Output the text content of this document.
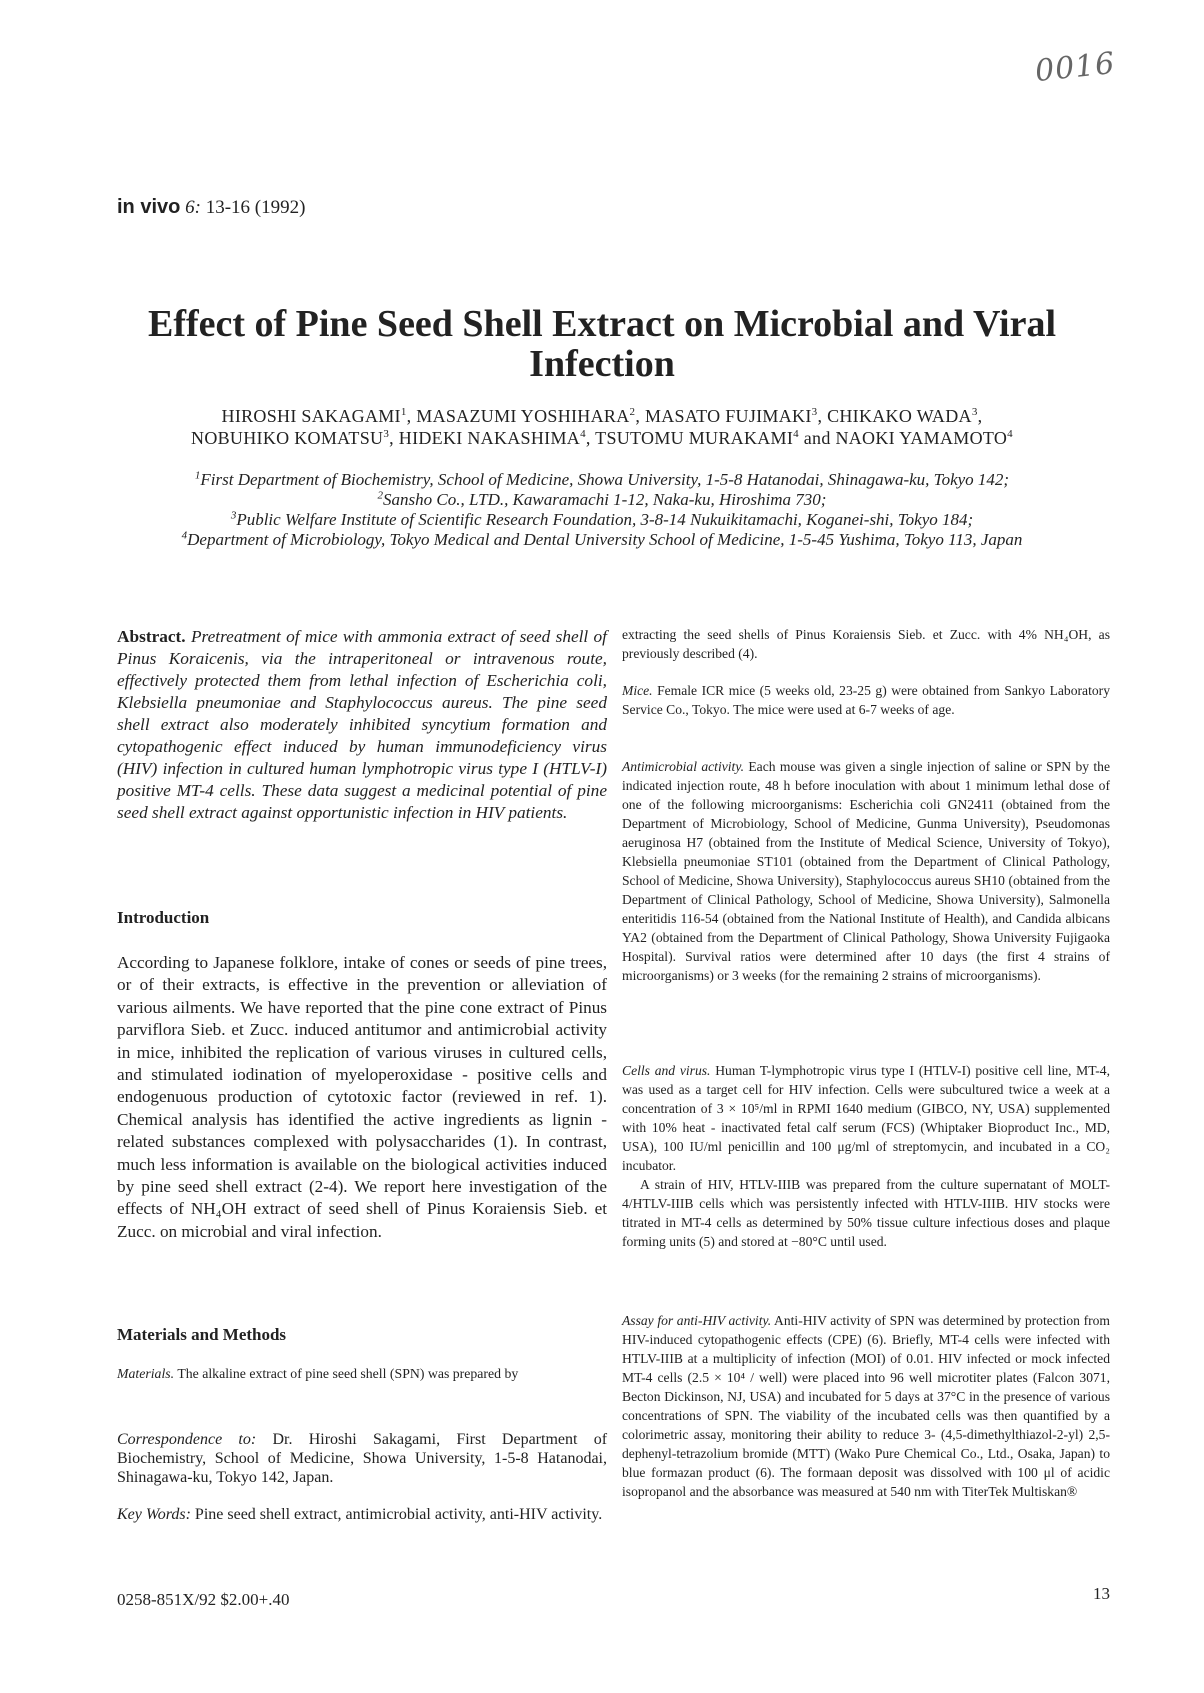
0016
in vivo 6: 13-16 (1992)
Effect of Pine Seed Shell Extract on Microbial and Viral Infection
HIROSHI SAKAGAMI$^1$, MASAZUMI YOSHIHARA$^2$, MASATO FUJIMAKI$^3$, CHIKAKO WADA$^3$,
NOBUHIKO KOMATSU$^3$, HIDEKI NAKASHIMA$^4$, TSUTOMU MURAKAMI$^4$ and NAOKI YAMAMOTO$^4$
$^1$First Department of Biochemistry, School of Medicine, Showa University, 1-5-8 Hatanodai, Shinagawa-ku, Tokyo 142;
$^2$Sansho Co., LTD., Kawaramachi 1-12, Naka-ku, Hiroshima 730;
$^3$Public Welfare Institute of Scientific Research Foundation, 3-8-14 Nukuikitamachi, Koganei-shi, Tokyo 184;
$^4$Department of Microbiology, Tokyo Medical and Dental University School of Medicine, 1-5-45 Yushima, Tokyo 113, Japan
Abstract. Pretreatment of mice with ammonia extract of seed shell of Pinus Koraicenis, via the intraperitoneal or intravenous route, effectively protected them from lethal infection of Escherichia coli, Klebsiella pneumoniae and Staphylococcus aureus. The pine seed shell extract also moderately inhibited syncytium formation and cytopathogenic effect induced by human immunodeficiency virus (HIV) infection in cultured human lymphotropic virus type I (HTLV-I) positive MT-4 cells. These data suggest a medicinal potential of pine seed shell extract against opportunistic infection in HIV patients.
Introduction
According to Japanese folklore, intake of cones or seeds of pine trees, or of their extracts, is effective in the prevention or alleviation of various ailments. We have reported that the pine cone extract of Pinus parviflora Sieb. et Zucc. induced antitumor and antimicrobial activity in mice, inhibited the replication of various viruses in cultured cells, and stimulated iodination of myeloperoxidase - positive cells and endogenuous production of cytotoxic factor (reviewed in ref. 1). Chemical analysis has identified the active ingredients as lignin - related substances complexed with polysaccharides (1). In contrast, much less information is available on the biological activities induced by pine seed shell extract (2-4). We report here investigation of the effects of NH₄OH extract of seed shell of Pinus Koraiensis Sieb. et Zucc. on microbial and viral infection.
Materials and Methods
Materials. The alkaline extract of pine seed shell (SPN) was prepared by
Correspondence to: Dr. Hiroshi Sakagami, First Department of Biochemistry, School of Medicine, Showa University, 1-5-8 Hatanodai, Shinagawa-ku, Tokyo 142, Japan.
Key Words: Pine seed shell extract, antimicrobial activity, anti-HIV activity.
extracting the seed shells of Pinus Koraiensis Sieb. et Zucc. with 4% NH₄OH, as previously described (4).
Mice. Female ICR mice (5 weeks old, 23-25 g) were obtained from Sankyo Laboratory Service Co., Tokyo. The mice were used at 6-7 weeks of age.
Antimicrobial activity. Each mouse was given a single injection of saline or SPN by the indicated injection route, 48 h before inoculation with about 1 minimum lethal dose of one of the following microorganisms: Escherichia coli GN2411 (obtained from the Department of Microbiology, School of Medicine, Gunma University), Pseudomonas aeruginosa H7 (obtained from the Institute of Medical Science, University of Tokyo), Klebsiella pneumoniae ST101 (obtained from the Department of Clinical Pathology, School of Medicine, Showa University), Staphylococcus aureus SH10 (obtained from the Department of Clinical Pathology, School of Medicine, Showa University), Salmonella enteritidis 116-54 (obtained from the National Institute of Health), and Candida albicans YA2 (obtained from the Department of Clinical Pathology, Showa University Fujigaoka Hospital). Survival ratios were determined after 10 days (the first 4 strains of microorganisms) or 3 weeks (for the remaining 2 strains of microorganisms).

Cells and virus. Human T-lymphotropic virus type I (HTLV-I) positive cell line, MT-4, was used as a target cell for HIV infection. Cells were subcultured twice a week at a concentration of 3 × 10⁵/ml in RPMI 1640 medium (GIBCO, NY, USA) supplemented with 10% heat - inactivated fetal calf serum (FCS) (Whiptaker Bioproduct Inc., MD, USA), 100 IU/ml penicillin and 100 μg/ml of streptomycin, and incubated in a CO₂ incubator.

A strain of HIV, HTLV-IIIB was prepared from the culture supernatant of MOLT-4/HTLV-IIIB cells which was persistently infected with HTLV-IIIB. HIV stocks were titrated in MT-4 cells as determined by 50% tissue culture infectious doses and plaque forming units (5) and stored at −80°C until used.

Assay for anti-HIV activity. Anti-HIV activity of SPN was determined by protection from HIV-induced cytopathogenic effects (CPE) (6). Briefly, MT-4 cells were infected with HTLV-IIIB at a multiplicity of infection (MOI) of 0.01. HIV infected or mock infected MT-4 cells (2.5 × 10⁴ / well) were placed into 96 well microtiter plates (Falcon 3071, Becton Dickinson, NJ, USA) and incubated for 5 days at 37°C in the presence of various concentrations of SPN. The viability of the incubated cells was then quantified by a colorimetric assay, monitoring their ability to reduce 3- (4,5-dimethylthiazol-2-yl) 2,5-dephenyl-tetrazolium bromide (MTT) (Wako Pure Chemical Co., Ltd., Osaka, Japan) to blue formazan product (6). The formaan deposit was dissolved with 100 μl of acidic isopropanol and the absorbance was measured at 540 nm with TiterTek Multiskan®
0258-851X/92 $2.00+.40	13
